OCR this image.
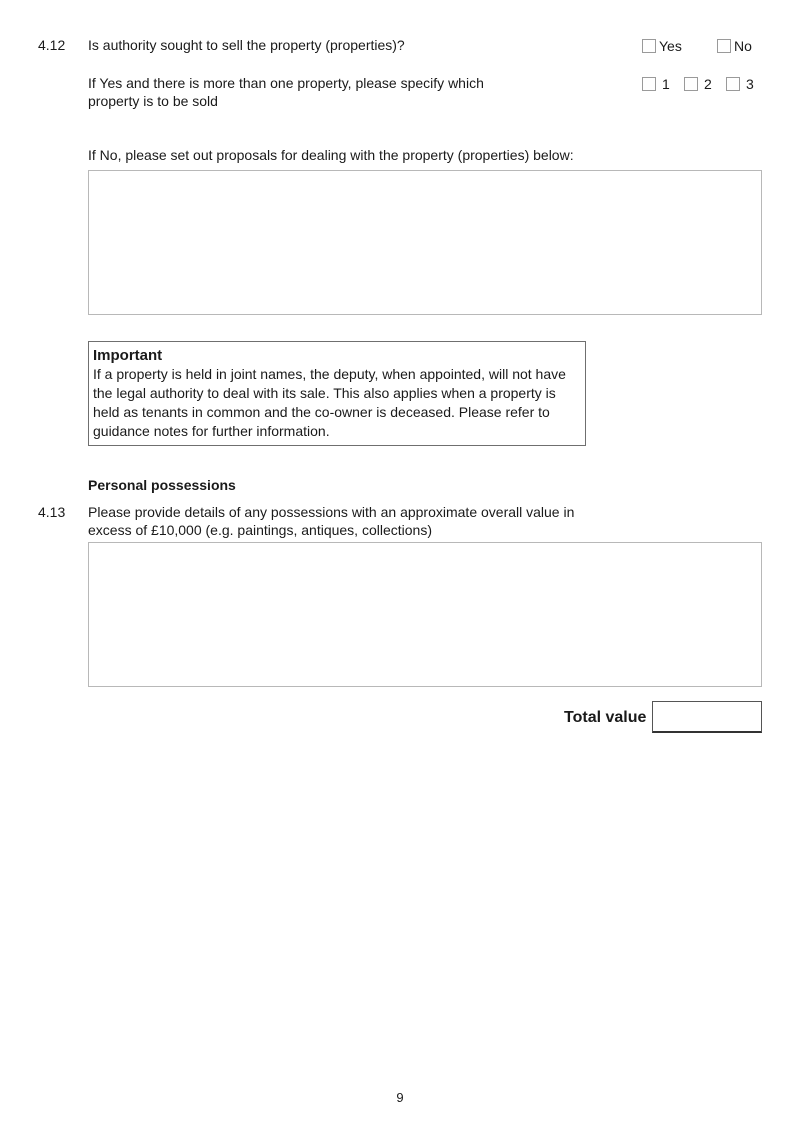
4.12 Is authority sought to sell the property (properties)?	Yes	No
If Yes and there is more than one property, please specify which property is to be sold
1 2 3
If No, please set out proposals for dealing with the property (properties) below:
Important
If a property is held in joint names, the deputy, when appointed, will not have the legal authority to deal with its sale. This also applies when a property is held as tenants in common and the co-owner is deceased. Please refer to guidance notes for further information.
Personal possessions
4.13 Please provide details of any possessions with an approximate overall value in excess of £10,000 (e.g. paintings, antiques, collections)
Total value
9
